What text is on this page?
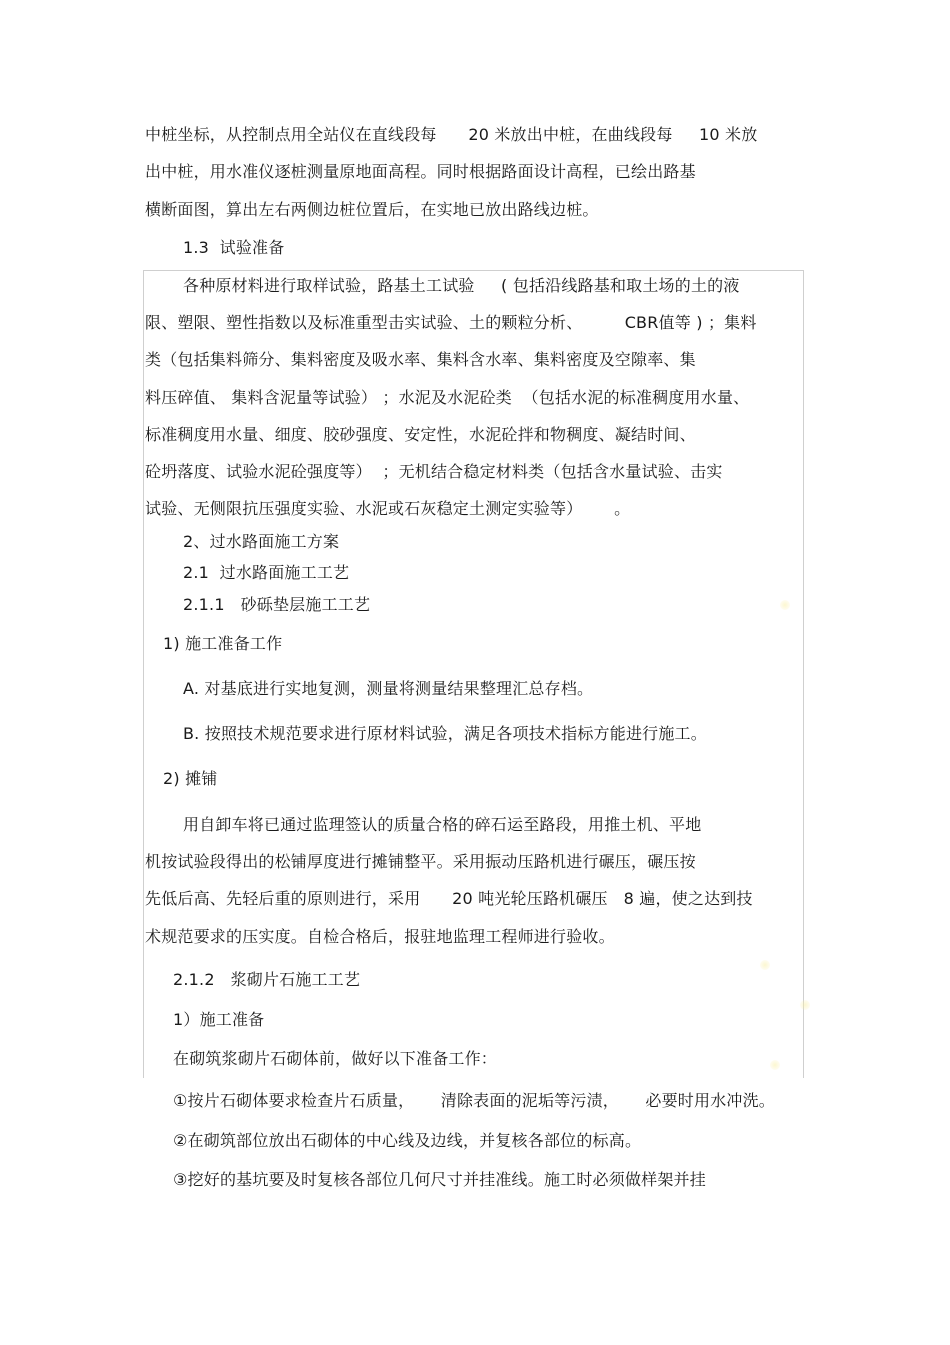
中桩坐标，从控制点用全站仪在直线段每      20 米放出中桩，在曲线段每     10 米放
出中桩，用水准仪逐桩测量原地面高程。同时根据路面设计高程，已绘出路基
横断面图，算出左右两侧边桩位置后，在实地已放出路线边桩。
1.3  试验准备
各种原材料进行取样试验，路基土工试验     ( 包括沿线路基和取土场的土的液
限、塑限、塑性指数以及标准重型击实试验、土的颗粒分析、        CBR值等 ) ；集料
类（包括集料筛分、集料密度及吸水率、集料含水率、集料密度及空隙率、集
料压碎值、 集料含泥量等试验） ；水泥及水泥砼类  （包括水泥的标准稠度用水量、
标准稠度用水量、细度、胶砂强度、安定性，水泥砼拌和物稠度、凝结时间、
砼坍落度、试验水泥砼强度等）  ；无机结合稳定材料类（包括含水量试验、击实
试验、无侧限抗压强度实验、水泥或石灰稳定土测定实验等）      。
2、过水路面施工方案
2.1  过水路面施工工艺
2.1.1   砂砾垫层施工工艺
1) 施工准备工作
A. 对基底进行实地复测，测量将测量结果整理汇总存档。
B. 按照技术规范要求进行原材料试验，满足各项技术指标方能进行施工。
2) 摊铺
用自卸车将已通过监理签认的质量合格的碎石运至路段，用推土机、平地
机按试验段得出的松铺厚度进行摊铺整平。采用振动压路机进行碾压，碾压按
先低后高、先轻后重的原则进行，采用      20 吨光轮压路机碾压   8 遍，使之达到技
术规范要求的压实度。自检合格后，报驻地监理工程师进行验收。
2.1.2   浆砌片石施工工艺
1）施工准备
在砌筑浆砌片石砌体前，做好以下准备工作：
①按片石砌体要求检查片石质量，     清除表面的泥垢等污渍，     必要时用水冲洗。
②在砌筑部位放出石砌体的中心线及边线，并复核各部位的标高。
③挖好的基坑要及时复核各部位几何尺寸并挂准线。施工时必须做样架并挂
